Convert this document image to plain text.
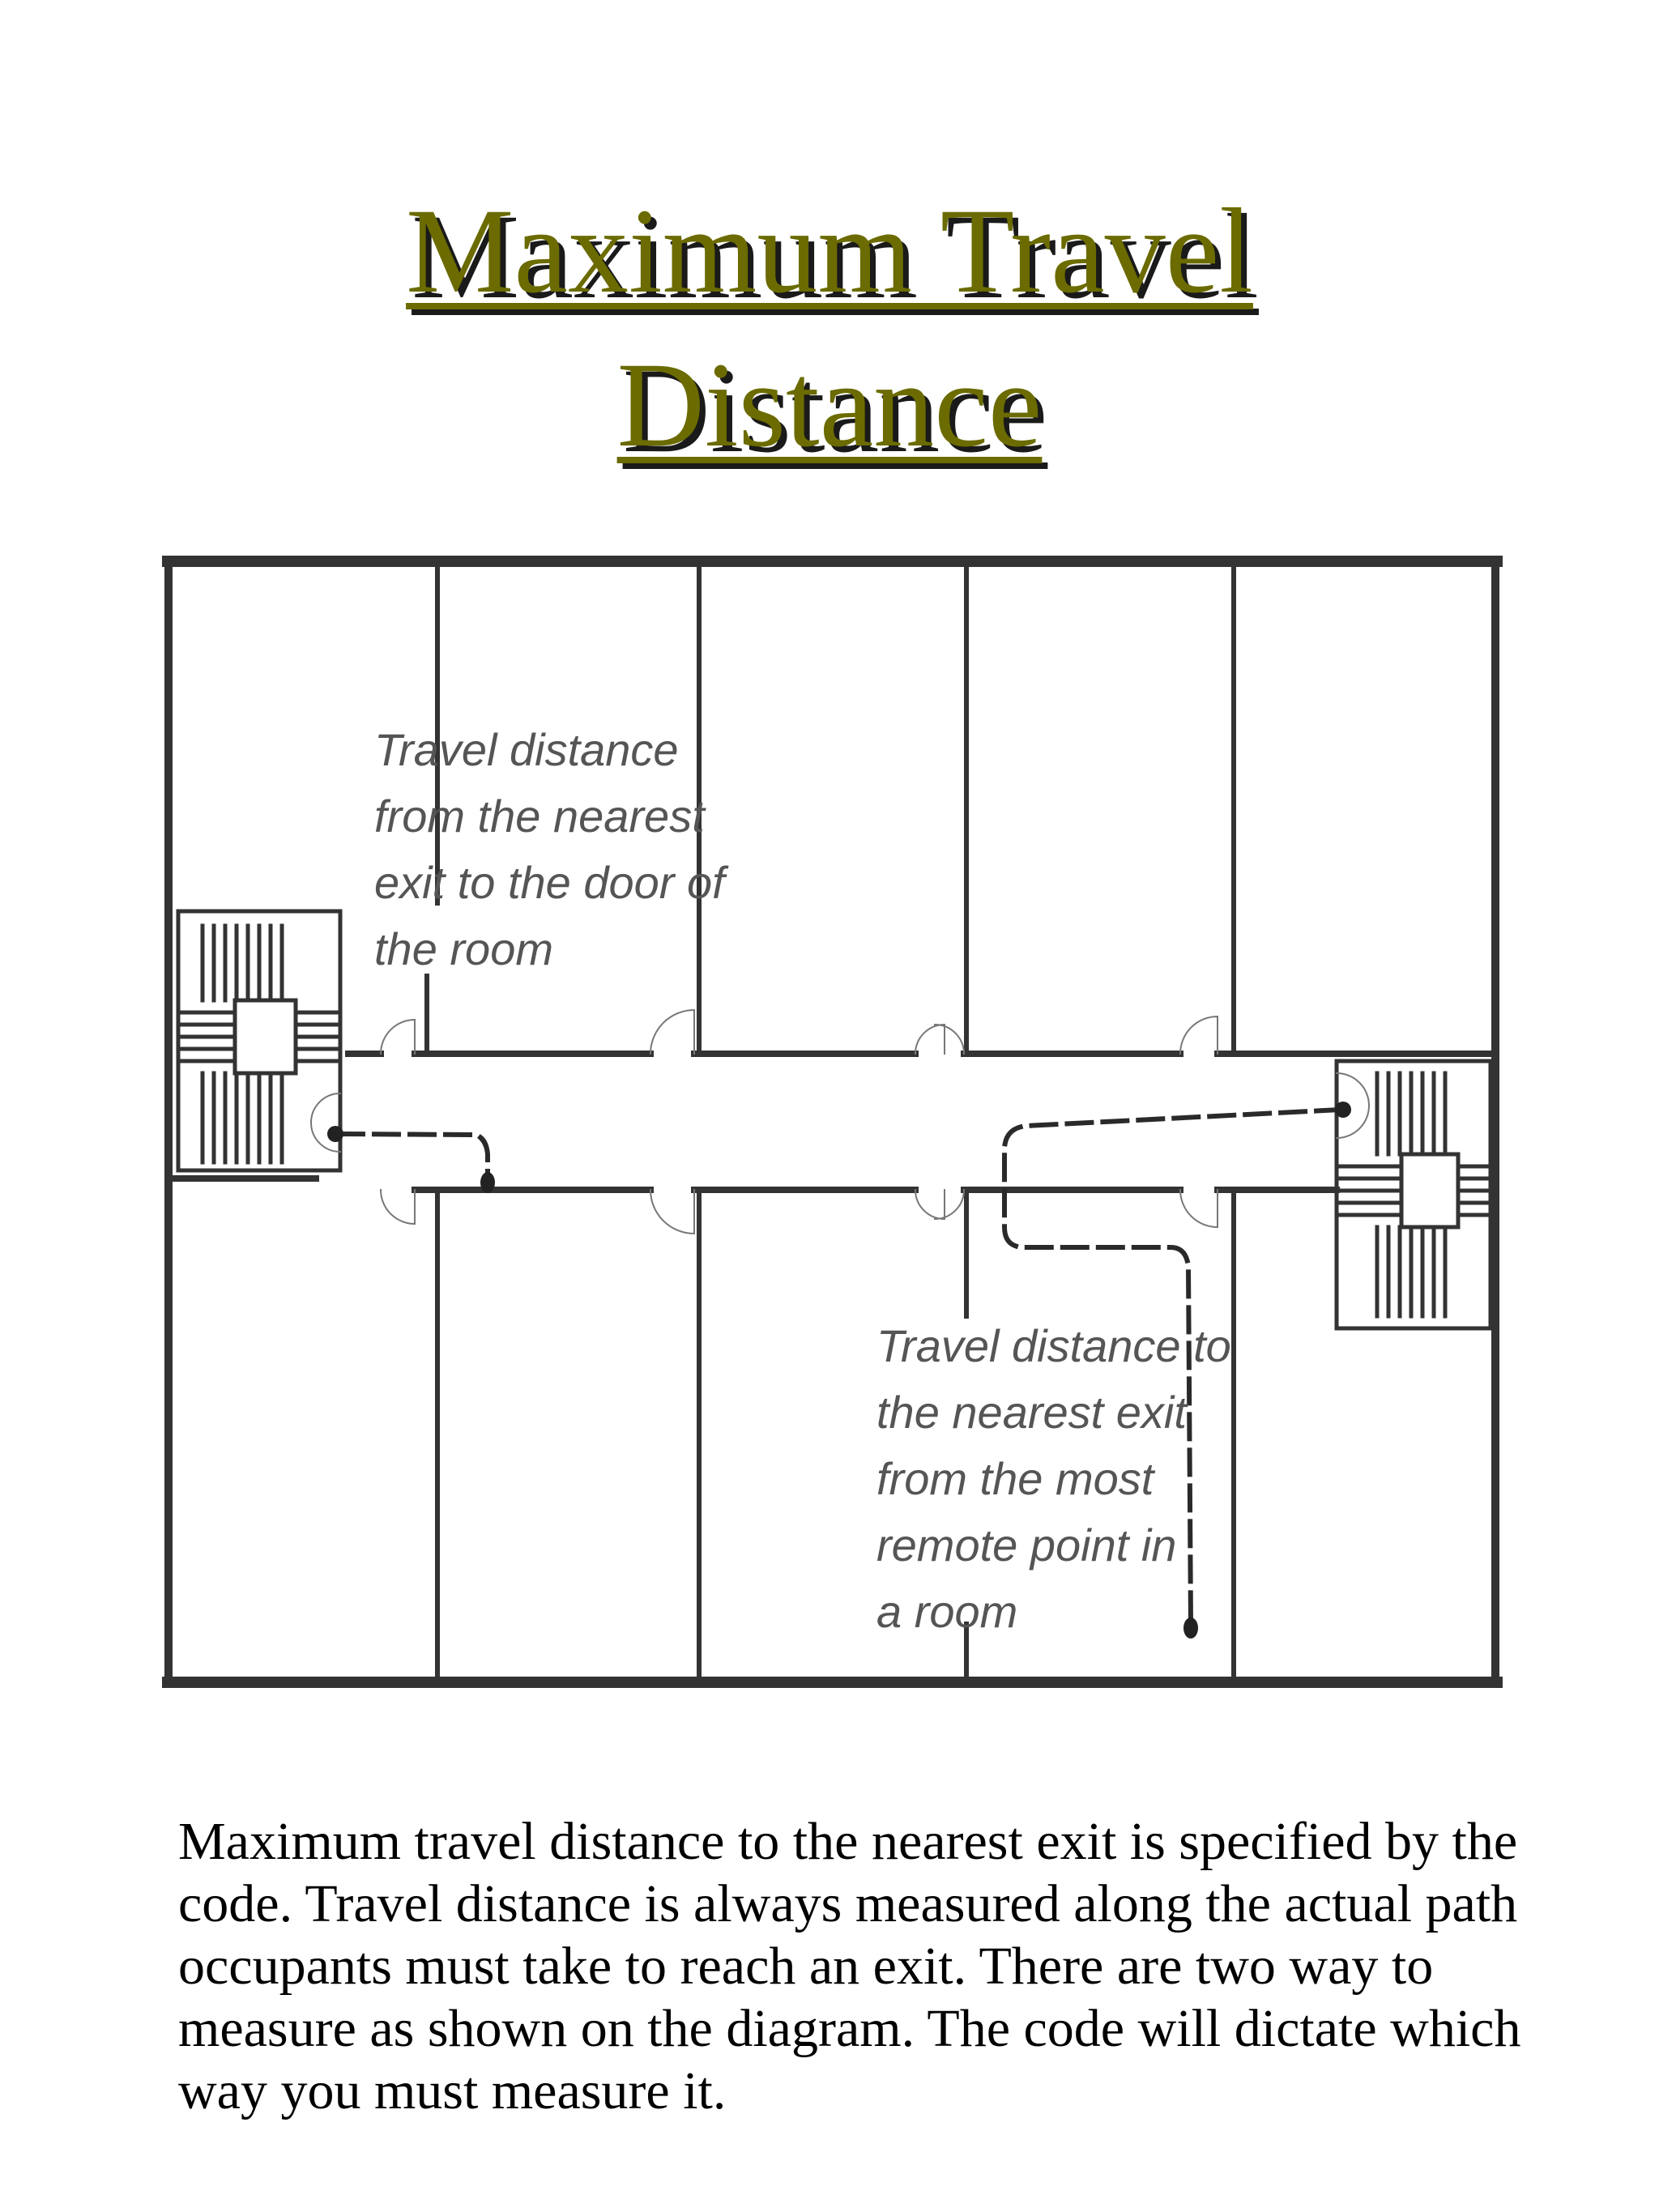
Maximum Travel
Distance
Travel distance from the nearest exit to the door of the room
Travel distance to the nearest exit from the most remote point in a room
Maximum travel distance to the nearest exit is specified by the code. Travel distance is always measured along the actual path occupants must take to reach an exit. There are two way to measure as shown on the diagram. The code will dictate which way you must measure it.
